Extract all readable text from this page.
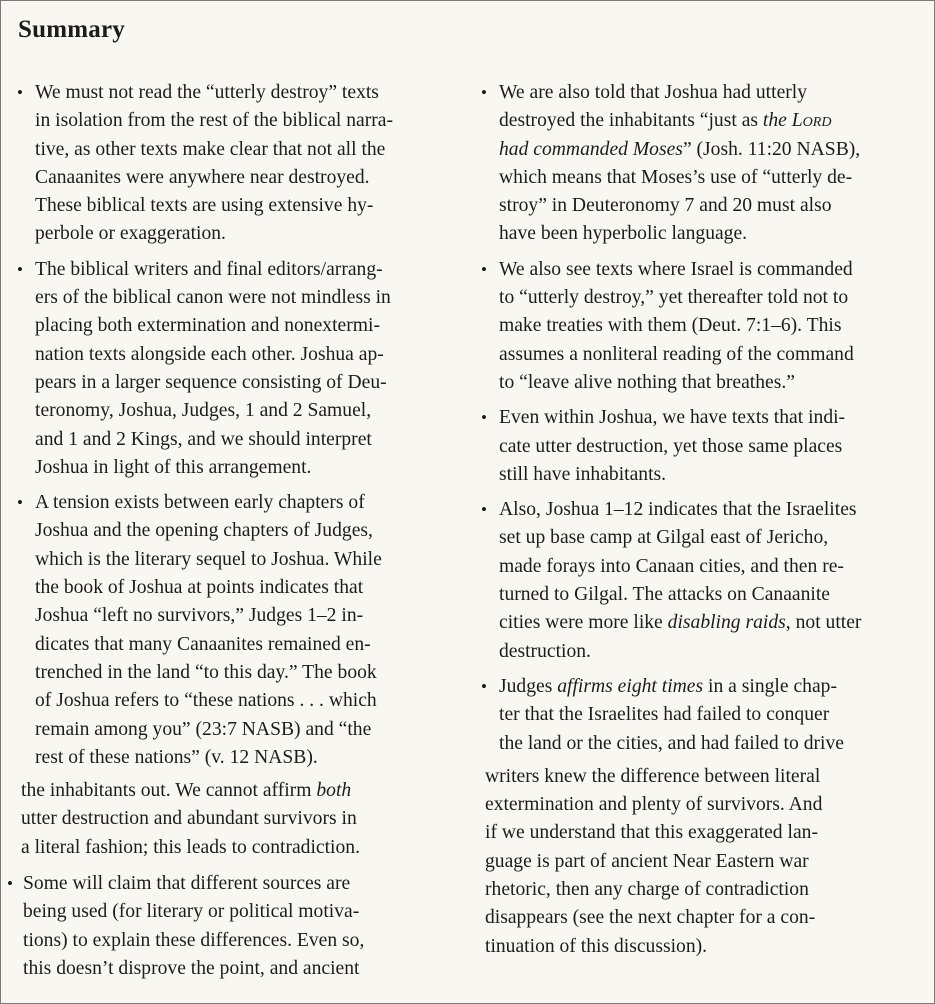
Summary
• We must not read the “utterly destroy” texts
in isolation from the rest of the biblical narra-
tive, as other texts make clear that not all the
Canaanites were anywhere near destroyed.
These biblical texts are using extensive hy-
perbole or exaggeration.
• The biblical writers and final editors/arrang-
ers of the biblical canon were not mindless in
placing both extermination and nonextermi-
nation texts alongside each other. Joshua ap-
pears in a larger sequence consisting of Deu-
teronomy, Joshua, Judges, 1 and 2 Samuel,
and 1 and 2 Kings, and we should interpret
Joshua in light of this arrangement.
• A tension exists between early chapters of
Joshua and the opening chapters of Judges,
which is the literary sequel to Joshua. While
the book of Joshua at points indicates that
Joshua “left no survivors,” Judges 1–2 in-
dicates that many Canaanites remained en-
trenched in the land “to this day.” The book
of Joshua refers to “these nations . . . which
remain among you” (23:7 NASB) and “the
rest of these nations” (v. 12 NASB).
the inhabitants out. We cannot affirm both
utter destruction and abundant survivors in
a literal fashion; this leads to contradiction.
• Some will claim that different sources are
being used (for literary or political motiva-
tions) to explain these differences. Even so,
this doesn’t disprove the point, and ancient
• We are also told that Joshua had utterly
destroyed the inhabitants “just as the Lord
had commanded Moses” (Josh. 11:20 NASB),
which means that Moses’s use of “utterly de-
stroy” in Deuteronomy 7 and 20 must also
have been hyperbolic language.
• We also see texts where Israel is commanded
to “utterly destroy,” yet thereafter told not to
make treaties with them (Deut. 7:1–6). This
assumes a nonliteral reading of the command
to “leave alive nothing that breathes.”
• Even within Joshua, we have texts that indi-
cate utter destruction, yet those same places
still have inhabitants.
• Also, Joshua 1–12 indicates that the Israelites
set up base camp at Gilgal east of Jericho,
made forays into Canaan cities, and then re-
turned to Gilgal. The attacks on Canaanite
cities were more like disabling raids, not utter
destruction.
• Judges affirms eight times in a single chap-
ter that the Israelites had failed to conquer
the land or the cities, and had failed to drive
writers knew the difference between literal
extermination and plenty of survivors. And
if we understand that this exaggerated lan-
guage is part of ancient Near Eastern war
rhetoric, then any charge of contradiction
disappears (see the next chapter for a con-
tinuation of this discussion).
